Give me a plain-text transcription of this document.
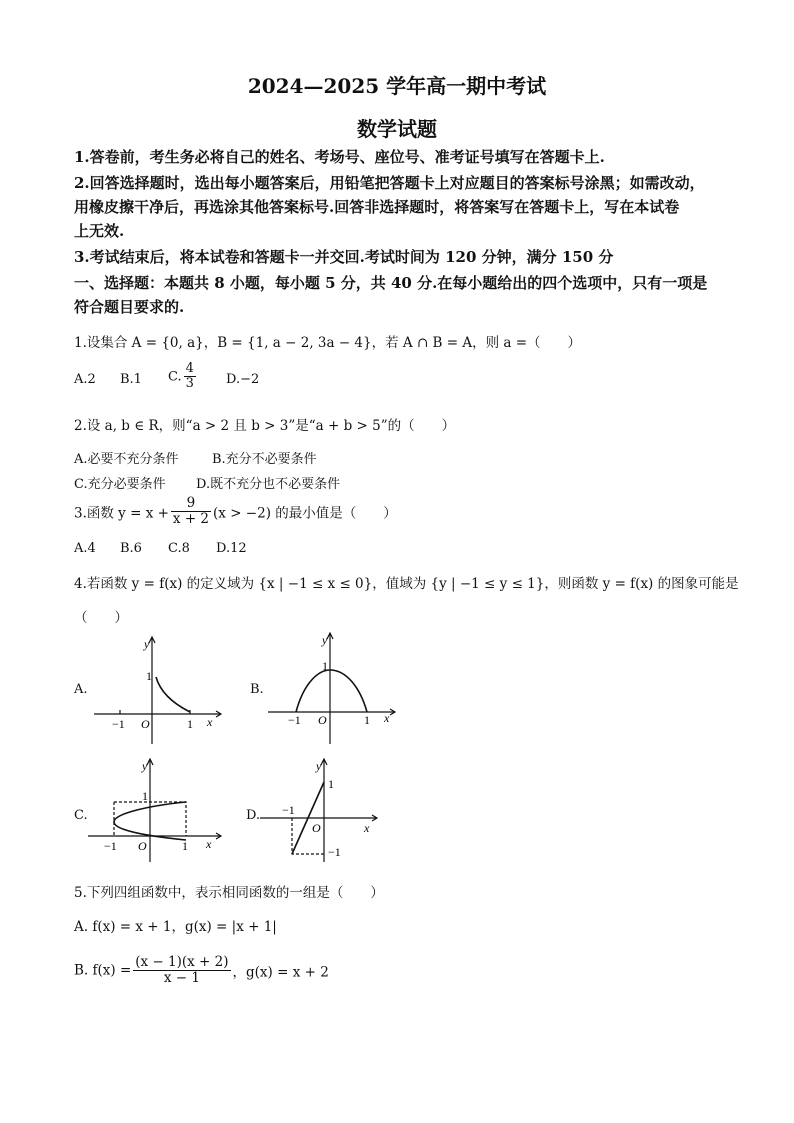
2024—2025 学年高一期中考试
数学试题
1.答卷前，考生务必将自己的姓名、考场号、座位号、准考证号填写在答题卡上.
2.回答选择题时，选出每小题答案后，用铅笔把答题卡上对应题目的答案标号涂黑；如需改动，
用橡皮擦干净后，再选涂其他答案标号.回答非选择题时，将答案写在答题卡上，写在本试卷
上无效.
3.考试结束后，将本试卷和答题卡一并交回.考试时间为 120 分钟，满分 150 分
一、选择题：本题共 8 小题，每小题 5 分，共 40 分.在每小题给出的四个选项中，只有一项是
符合题目要求的.
1.设集合 A = {0, a}，B = {1, a − 2, 3a − 4}，若 A ∩ B = A，则 a =（　　）
A.2 B.1 C. $\frac{4}{3} D.-2$
2.设 a, b ∈ R，则“a > 2 且 b > 3”是“a + b > 5”的（　　）
A.必要不充分条件	B.充分不必要条件
C.充分必要条件 D.既不充分也不必要条件
3.函数 $y = x + \frac{9}{x + 2} (x > -2)$ 的最小值是（　　）
A.4 B.6 C.8 D.12
4.若函数 y = f(x) 的定义域为 {x | −1 ≤ x ≤ 0}，值域为 {y | −1 ≤ y ≤ 1}，则函数 y = f(x) 的图象可能是
（　　）
A.
y
x
O
1
−1	1
B.
y
x
O
1
−1	1
C.
y
x
O
1
−1	1
D.
y
x
O
1
−1
−1
5.下列四组函数中，表示相同函数的一组是（　　）
A. f(x) = x + 1，g(x) = |x + 1|
B. $f(x) = \frac{(x - 1)(x + 2)}{x - 1}$ ，g(x) = x + 2
